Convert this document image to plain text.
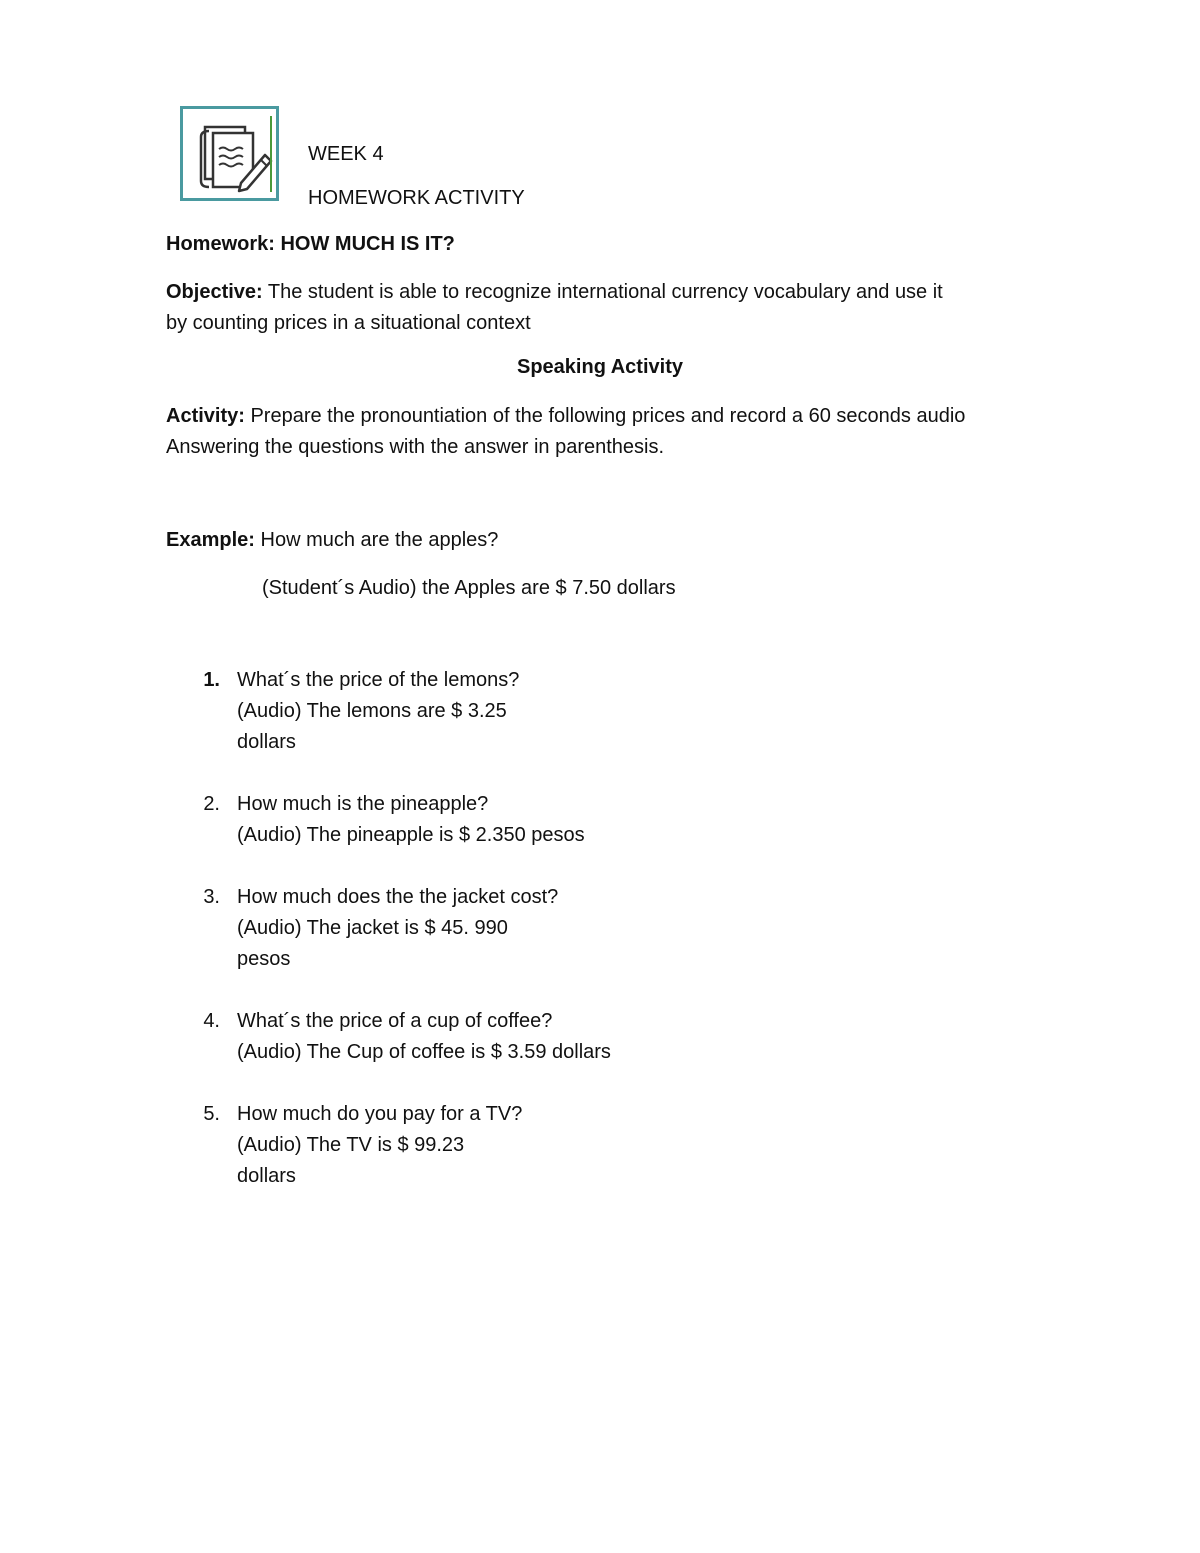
WEEK 4
HOMEWORK ACTIVITY
Homework: HOW MUCH IS IT?
Objective: The student is able to recognize international currency vocabulary and use it
by counting prices in a situational context
Speaking Activity
Activity: Prepare the pronountiation of the following prices and record a 60 seconds audio
Answering the questions with the answer in parenthesis.
Example: How much are the apples?
(Student´s Audio) the Apples are $ 7.50 dollars
1. What´s the price of the lemons?
(Audio) The lemons are $ 3.25
dollars
2. How much is the pineapple?
(Audio) The pineapple is $ 2.350 pesos
3. How much does the the jacket cost?
(Audio) The jacket is $ 45. 990
pesos
4. What´s the price of a cup of coffee?
(Audio) The Cup of coffee is $ 3.59 dollars
5. How much do you pay for a TV?
(Audio) The TV is $ 99.23
dollars
